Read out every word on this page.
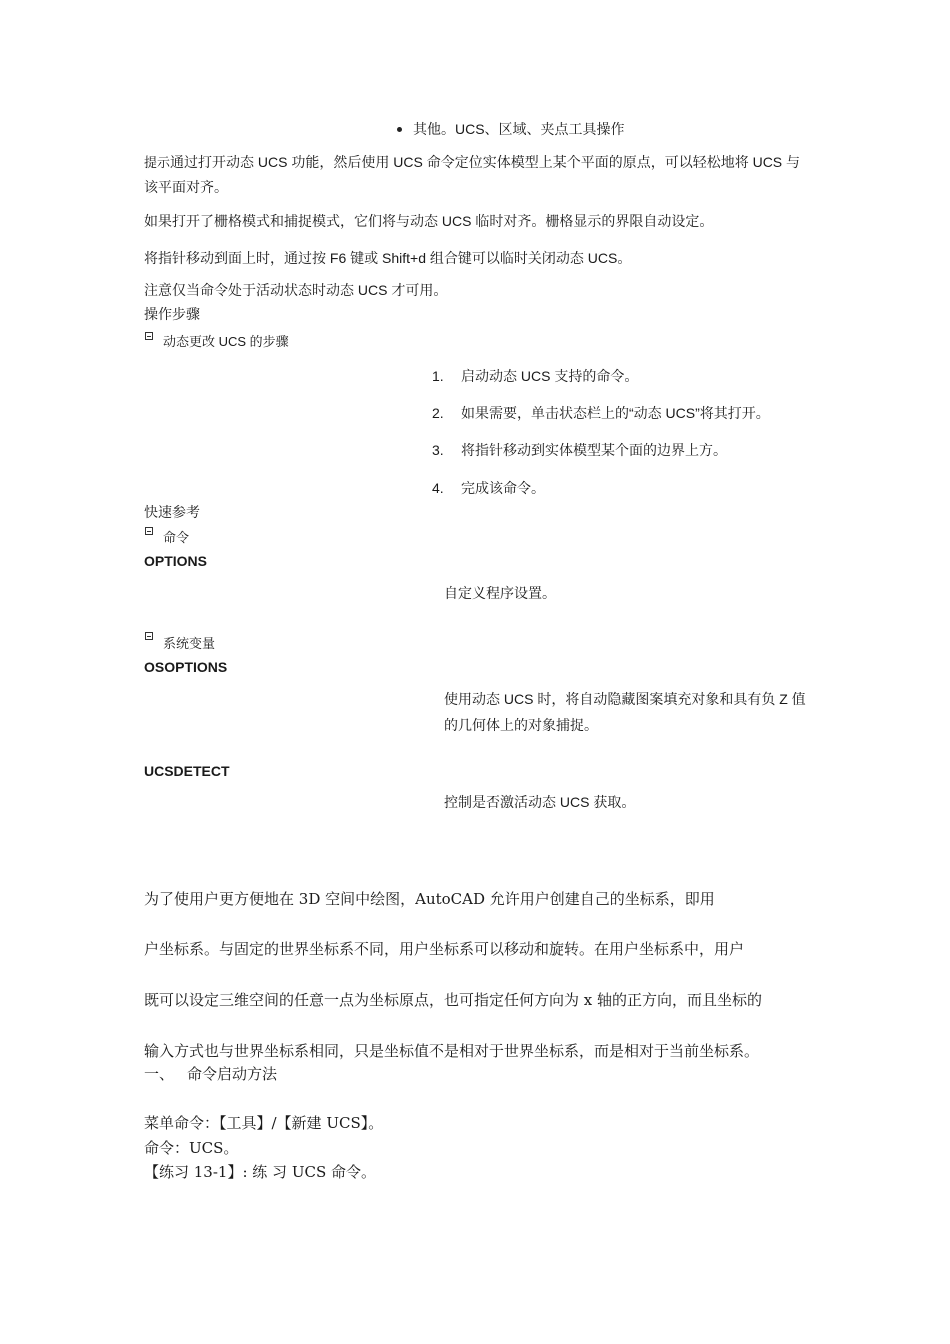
其他。UCS、区域、夹点工具操作
提示通过打开动态 UCS 功能，然后使用 UCS 命令定位实体模型上某个平面的原点，可以轻松地将 UCS 与该平面对齐。
如果打开了栅格模式和捕捉模式，它们将与动态 UCS 临时对齐。栅格显示的界限自动设定。
将指针移动到面上时，通过按 F6 键或 Shift+d 组合键可以临时关闭动态 UCS。
注意仅当命令处于活动状态时动态 UCS 才可用。
操作步骤
动态更改 UCS 的步骤
1. 启动动态 UCS 支持的命令。
2. 如果需要，单击状态栏上的“动态 UCS”将其打开。
3. 将指针移动到实体模型某个面的边界上方。
4. 完成该命令。
快速参考
命令
OPTIONS
自定义程序设置。
系统变量
OSOPTIONS
使用动态 UCS 时，将自动隐藏图案填充对象和具有负 Z 值的几何体上的对象捕捉。
UCSDETECT
控制是否激活动态 UCS 获取。
为了使用户更方便地在 3D 空间中绘图，AutoCAD 允许用户创建自己的坐标系，即用
户坐标系。与固定的世界坐标系不同，用户坐标系可以移动和旋转。在用户坐标系中，用户
既可以设定三维空间的任意一点为坐标原点，也可指定任何方向为 x 轴的正方向，而且坐标的
输入方式也与世界坐标系相同，只是坐标值不是相对于世界坐标系，而是相对于当前坐标系。
一、 命令启动方法
菜单命令：【工具】/【新建 UCS】。
命令：UCS。
【练习 13-1】: 练 习 UCS 命令。
